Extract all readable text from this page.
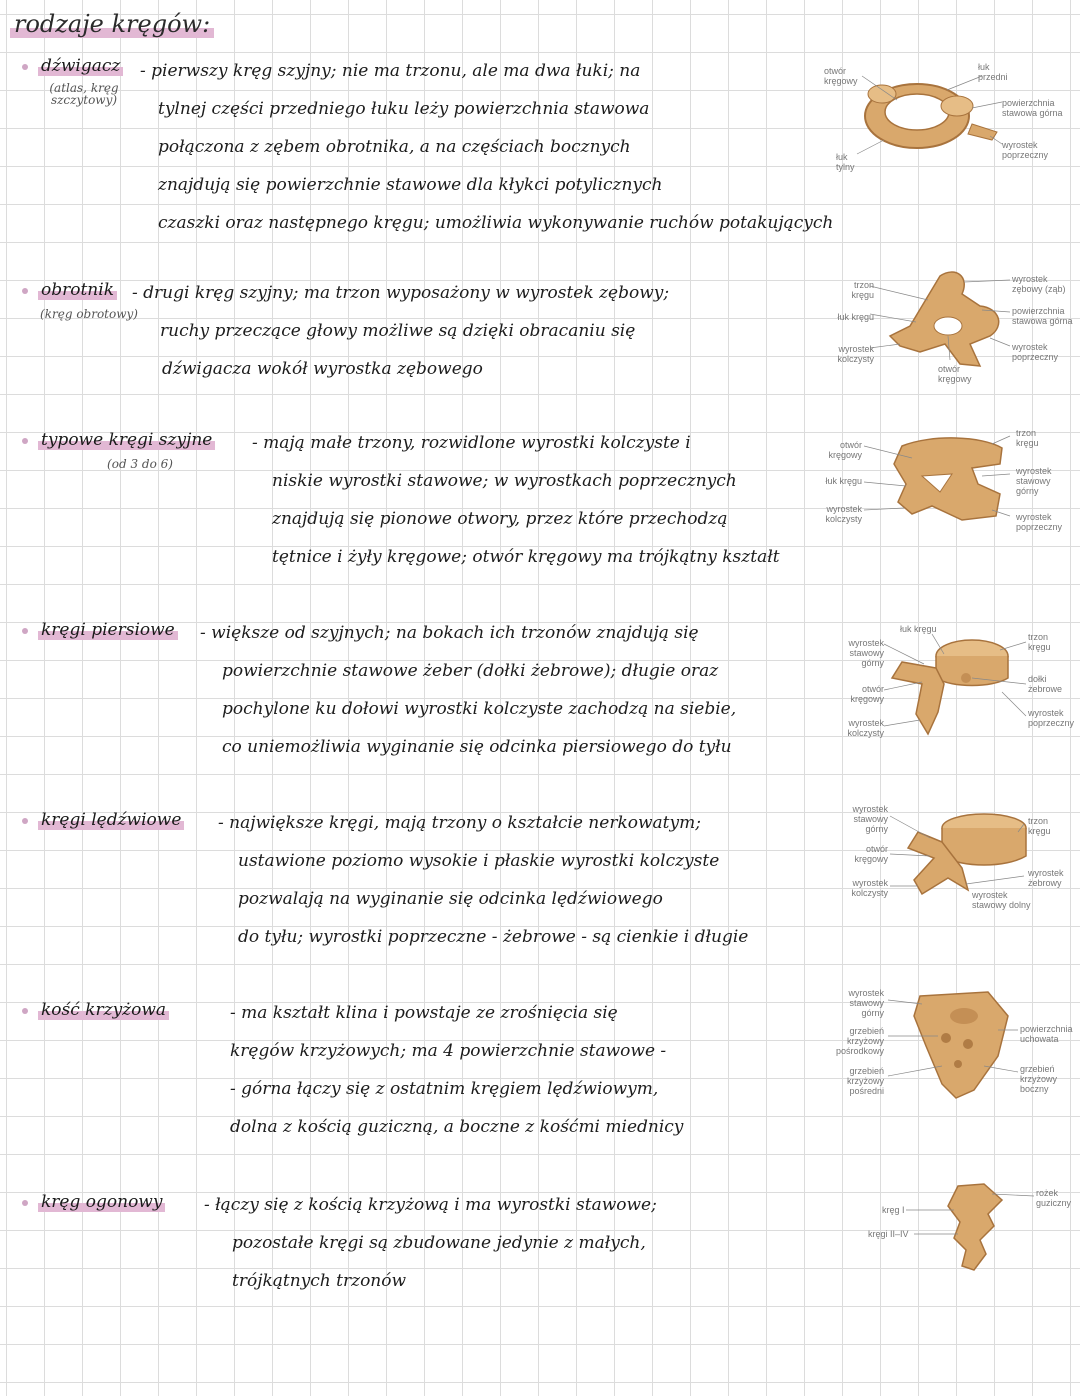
rodzaje kręgów:
dźwigacz
(atlas, kręg szczytowy)

- pierwszy kręg szyjny; nie ma trzonu, ale ma dwa łuki; na
tylnej części przedniego łuku leży powierzchnia stawowa
połączona z zębem obrotnika, a na częściach bocznych
znajdują się powierzchnie stawowe dla kłykci potylicznych
czaszki oraz następnego kręgu; umożliwia wykonywanie ruchów potakujących

otwór kręgowy
łuk przedni
powierzchnia stawowa górna
wyrostek poprzeczny
łuk tylny
obrotnik
(kręg obrotowy)

- drugi kręg szyjny; ma trzon wyposażony w wyrostek zębowy;
ruchy przeczące głowy możliwe są dzięki obracaniu się
dźwigacza wokół wyrostka zębowego

trzon kręgu
łuk kręgu
wyrostek kolczysty
otwór kręgowy
wyrostek zębowy (ząb)
powierzchnia stawowa górna
wyrostek poprzeczny
typowe kręgi szyjne
(od 3 do 6)

- mają małe trzony, rozwidlone wyrostki kolczyste i
niskie wyrostki stawowe; w wyrostkach poprzecznych
znajdują się pionowe otwory, przez które przechodzą
tętnice i żyły kręgowe; otwór kręgowy ma trójkątny kształt

otwór kręgowy
łuk kręgu
wyrostek kolczysty
trzon kręgu
wyrostek stawowy górny
wyrostek poprzeczny
kręgi piersiowe - większe od szyjnych; na bokach ich trzonów znajdują się
powierzchnie stawowe żeber (dołki żebrowe); długie oraz
pochylone ku dołowi wyrostki kolczyste zachodzą na siebie,
co uniemożliwia wyginanie się odcinka piersiowego do tyłu

łuk kręgu
wyrostek stawowy górny
otwór kręgowy
wyrostek kolczysty
trzon kręgu
dołki żebrowe
wyrostek poprzeczny
kręgi lędźwiowe - największe kręgi, mają trzony o kształcie nerkowatym;
ustawione poziomo wysokie i płaskie wyrostki kolczyste
pozwalają na wyginanie się odcinka lędźwiowego
do tyłu; wyrostki poprzeczne - żebrowe - są cienkie i długie

wyrostek stawowy górny
otwór kręgowy
wyrostek kolczysty	wyrostek stawowy dolny
trzon kręgu
wyrostek żebrowy
kość krzyżowa	- ma kształt klina i powstaje ze zrośnięcia się
kręgów krzyżowych; ma 4 powierzchnie stawowe -
- górna łączy się z ostatnim kręgiem lędźwiowym,
dolna z kością guziczną, a boczne z kośćmi miednicy

wyrostek stawowy górny
grzebień krzyżowy pośrodkowy
grzebień krzyżowy pośredni
powierzchnia uchowata
grzebień krzyżowy boczny
kręg ogonowy - łączy się z kością krzyżową i ma wyrostki stawowe;
pozostałe kręgi są zbudowane jedynie z małych,
trójkątnych trzonów

kręg I
kręgi II–IV
rożek guziczny
